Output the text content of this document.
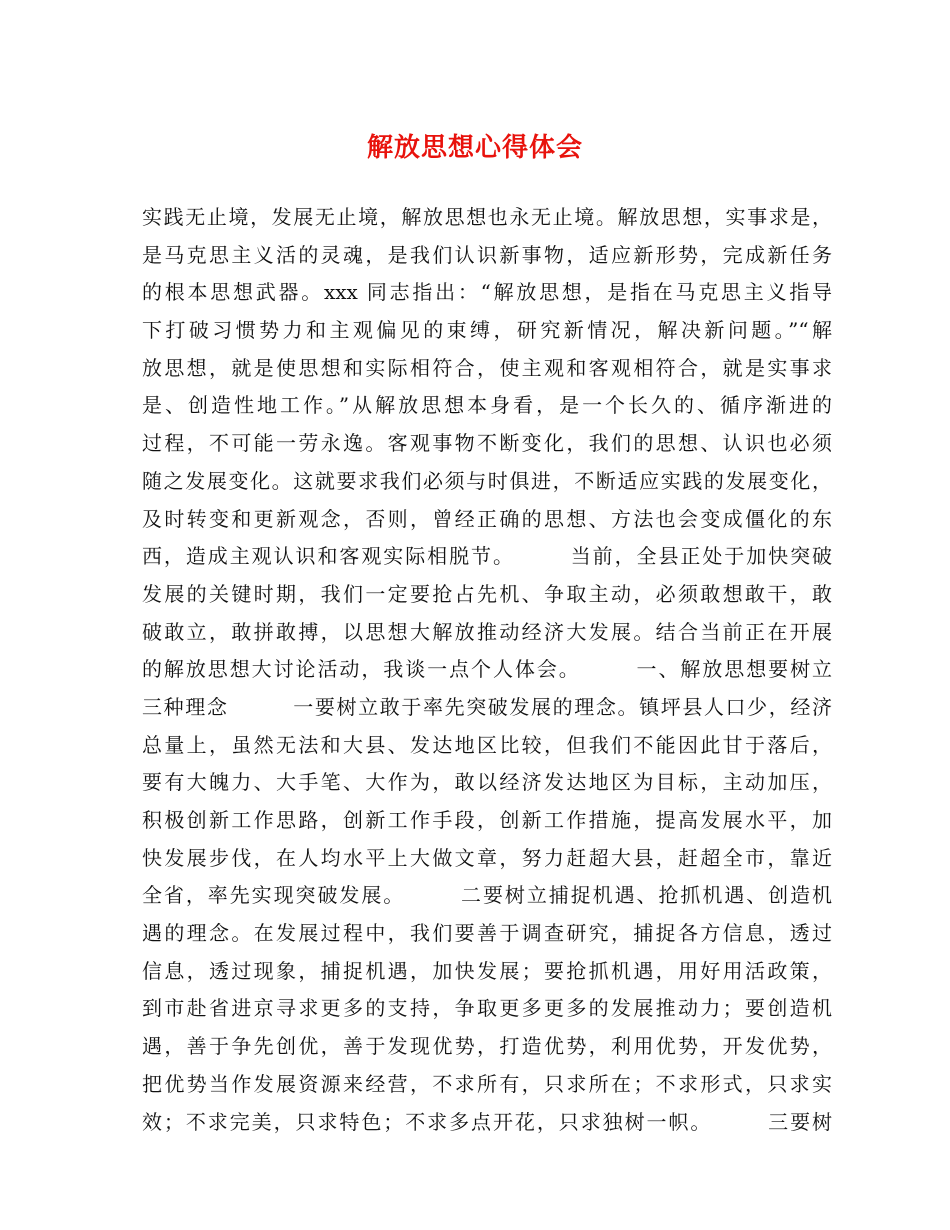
解放思想心得体会
实践无止境，发展无止境，解放思想也永无止境。解放思想，实事求是，
是马克思主义活的灵魂，是我们认识新事物，适应新形势，完成新任务
的根本思想武器。xxx 同志指出：“解放思想，是指在马克思主义指导
下打破习惯势力和主观偏见的束缚，研究新情况，解决新问题。”“解
放思想，就是使思想和实际相符合，使主观和客观相符合，就是实事求
是、创造性地工作。”从解放思想本身看，是一个长久的、循序渐进的
过程，不可能一劳永逸。客观事物不断变化，我们的思想、认识也必须
随之发展变化。这就要求我们必须与时俱进，不断适应实践的发展变化，
及时转变和更新观念，否则，曾经正确的思想、方法也会变成僵化的东
西，造成主观认识和客观实际相脱节。　　　当前，全县正处于加快突破
发展的关键时期，我们一定要抢占先机、争取主动，必须敢想敢干，敢
破敢立，敢拼敢搏，以思想大解放推动经济大发展。结合当前正在开展
的解放思想大讨论活动，我谈一点个人体会。　　　一、解放思想要树立
三种理念　　　一要树立敢于率先突破发展的理念。镇坪县人口少，经济
总量上，虽然无法和大县、发达地区比较，但我们不能因此甘于落后，
要有大魄力、大手笔、大作为，敢以经济发达地区为目标，主动加压，
积极创新工作思路，创新工作手段，创新工作措施，提高发展水平，加
快发展步伐，在人均水平上大做文章，努力赶超大县，赶超全市，靠近
全省，率先实现突破发展。　　　二要树立捕捉机遇、抢抓机遇、创造机
遇的理念。在发展过程中，我们要善于调查研究，捕捉各方信息，透过
信息，透过现象，捕捉机遇，加快发展；要抢抓机遇，用好用活政策，
到市赴省进京寻求更多的支持，争取更多更多的发展推动力；要创造机
遇，善于争先创优，善于发现优势，打造优势，利用优势，开发优势，
把优势当作发展资源来经营，不求所有，只求所在；不求形式，只求实
效；不求完美，只求特色；不求多点开花，只求独树一帜。　　　三要树
